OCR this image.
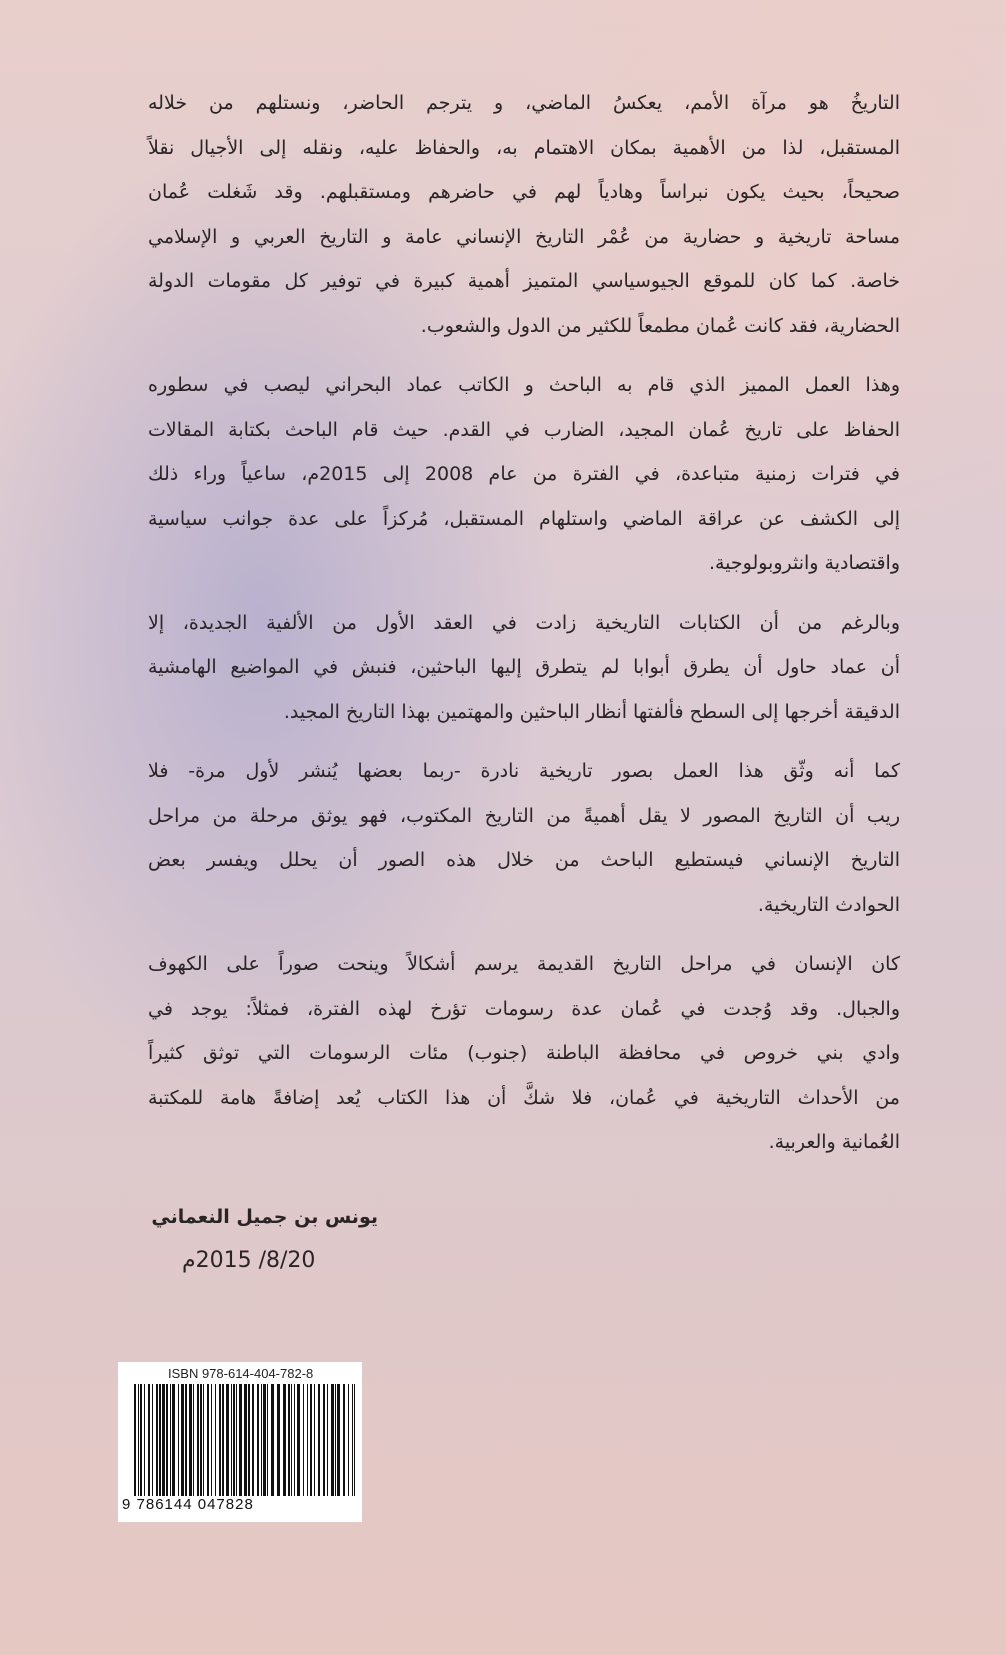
التاريخُ هو مرآة الأمم، يعكسُ الماضي، و يترجم الحاضر، ونستلهم من خلاله
المستقبل، لذا من الأهمية بمكان الاهتمام به، والحفاظ عليه، ونقله إلى الأجيال نقلاً
صحيحاً، بحيث يكون نبراساً وهادياً لهم في حاضرهم ومستقبلهم. وقد شَغلت عُمان
مساحة تاريخية و حضارية من عُمْر التاريخ الإنساني عامة و التاريخ العربي و الإسلامي
خاصة. كما كان للموقع الجيوسياسي المتميز أهمية كبيرة في توفير كل مقومات الدولة
الحضارية، فقد كانت عُمان مطمعاً للكثير من الدول والشعوب.
وهذا العمل المميز الذي قام به الباحث و الكاتب عماد البحراني ليصب في سطوره
الحفاظ على تاريخ عُمان المجيد، الضارب في القدم. حيث قام الباحث بكتابة المقالات
في فترات زمنية متباعدة، في الفترة من عام 2008 إلى 2015م، ساعياً وراء ذلك
إلى الكشف عن عراقة الماضي واستلهام المستقبل، مُركزاً على عدة جوانب سياسية
واقتصادية وانثروبولوجية.
وبالرغم من أن الكتابات التاريخية زادت في العقد الأول من الألفية الجديدة، إلا
أن عماد حاول أن يطرق أبوابا لم يتطرق إليها الباحثين، فنبش في المواضيع الهامشية
الدقيقة أخرجها إلى السطح فألفتها أنظار الباحثين والمهتمين بهذا التاريخ المجيد.
كما أنه وثّق هذا العمل بصور تاريخية نادرة -ربما بعضها يُنشر لأول مرة- فلا
ريب أن التاريخ المصور لا يقل أهميةً من التاريخ المكتوب، فهو يوثق مرحلة من مراحل
التاريخ الإنساني فيستطيع الباحث من خلال هذه الصور أن يحلل ويفسر بعض
الحوادث التاريخية.
كان الإنسان في مراحل التاريخ القديمة يرسم أشكالاً وينحت صوراً على الكهوف
والجبال. وقد وُجدت في عُمان عدة رسومات تؤرخ لهذه الفترة، فمثلاً: يوجد في
وادي بني خروص في محافظة الباطنة (جنوب) مئات الرسومات التي توثق كثيراً
من الأحداث التاريخية في عُمان، فلا شكَّ أن هذا الكتاب يُعد إضافةً هامة للمكتبة
العُمانية والعربية.
يونس بن جميل النعماني
م2015 /8/20
ISBN 978-614-404-782-8
9 786144 047828
